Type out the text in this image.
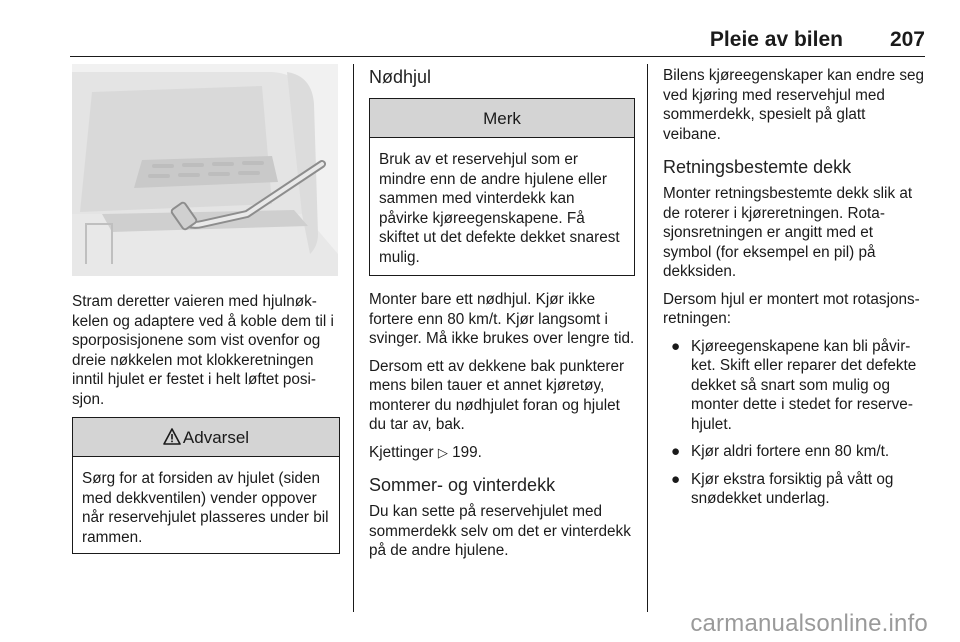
Pleie av bilen 207

Stram deretter vaieren med hjulnøkkelen og adaptere ved å koble dem til i sporposisjonene som vist ovenfor og dreie nøkkelen mot klokkeretningen inntil hjulet er festet i helt løftet posisjon.

Advarsel
Sørg for at forsiden av hjulet (siden med dekkventilen) vender oppover når reservehjulet plasseres under bil rammen.
Nødhjul
Merk
Bruk av et reservehjul som er mindre enn de andre hjulene eller sammen med vinterdekk kan påvirke kjøreegenskapene. Få skiftet ut det defekte dekket snarest mulig.

Monter bare ett nødhjul. Kjør ikke fortere enn 80 km/t. Kjør langsomt i svinger. Må ikke brukes over lengre tid.

Dersom ett av dekkene bak punkterer mens bilen tauer et annet kjøretøy, monterer du nødhjulet foran og hjulet du tar av, bak.

Kjettinger ▷ 199.

Sommer- og vinterdekk

Du kan sette på reservehjulet med sommerdekk selv om det er vinterdekk på de andre hjulene.

Bilens kjøreegenskaper kan endre seg ved kjøring med reservehjul med sommerdekk, spesielt på glatt veibane.

Retningsbestemte dekk

Monter retningsbestemte dekk slik at de roterer i kjøreretningen. Rotasjonsretningen er angitt med et symbol (for eksempel en pil) på dekksiden.

Dersom hjul er montert mot rotasjonsretningen:

● Kjøreegenskapene kan bli påvirket. Skift eller reparer det defekte dekket så snart som mulig og monter dette i stedet for reservehjulet.
● Kjør aldri fortere enn 80 km/t.
● Kjør ekstra forsiktig på vått og snødekket underlag.
carmanualsonline.info
